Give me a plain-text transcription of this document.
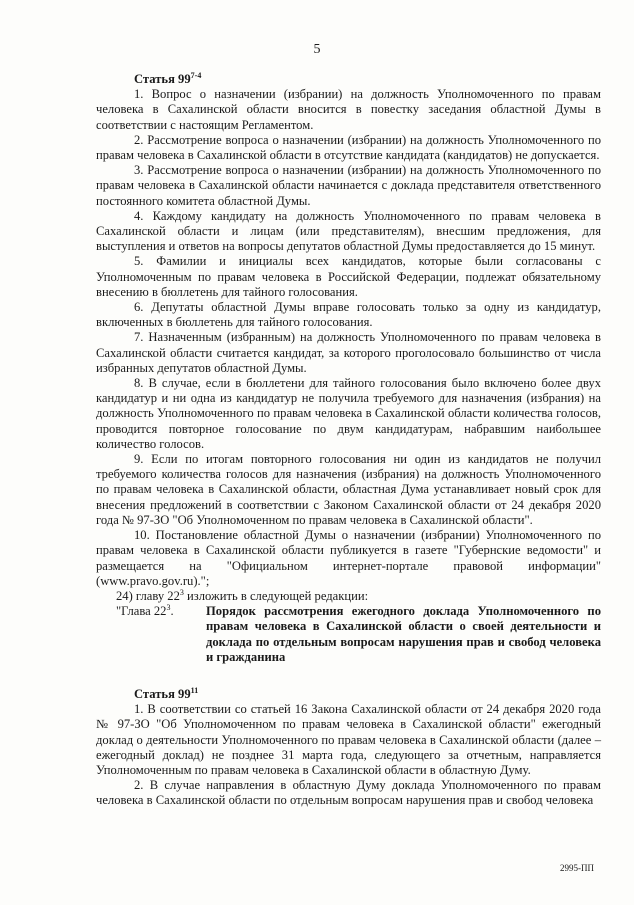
5
Статья 99$^{7-4}$

1. Вопрос о назначении (избрании) на должность Уполномоченного по правам человека в Сахалинской области вносится в повестку заседания областной Думы в соответствии с настоящим Регламентом.

2. Рассмотрение вопроса о назначении (избрании) на должность Уполномоченного по правам человека в Сахалинской области в отсутствие кандидата (кандидатов) не допускается.

3. Рассмотрение вопроса о назначении (избрании) на должность Уполномоченного по правам человека в Сахалинской области начинается с доклада представителя ответственного постоянного комитета областной Думы.

4. Каждому кандидату на должность Уполномоченного по правам человека в Сахалинской области и лицам (или представителям), внесшим предложения, для выступления и ответов на вопросы депутатов областной Думы предоставляется до 15 минут.

5. Фамилии и инициалы всех кандидатов, которые были согласованы с Уполномоченным по правам человека в Российской Федерации, подлежат обязательному внесению в бюллетень для тайного голосования.

6. Депутаты областной Думы вправе голосовать только за одну из кандидатур, включенных в бюллетень для тайного голосования.

7. Назначенным (избранным) на должность Уполномоченного по правам человека в Сахалинской области считается кандидат, за которого проголосовало большинство от числа избранных депутатов областной Думы.

8. В случае, если в бюллетени для тайного голосования было включено более двух кандидатур и ни одна из кандидатур не получила требуемого для назначения (избрания) на должность Уполномоченного по правам человека в Сахалинской области количества голосов, проводится повторное голосование по двум кандидатурам, набравшим наибольшее количество голосов.

9. Если по итогам повторного голосования ни один из кандидатов не получил требуемого количества голосов для назначения (избрания) на должность Уполномоченного по правам человека в Сахалинской области, областная Дума устанавливает новый срок для внесения предложений в соответствии с Законом Сахалинской области от 24 декабря 2020 года № 97-ЗО "Об Уполномоченном по правам человека в Сахалинской области".

10. Постановление областной Думы о назначении (избрании) Уполномоченного по правам человека в Сахалинской области публикуется в газете "Губернские ведомости" и размещается на "Официальном интернет-портале правовой информации" (www.pravo.gov.ru).";

24) главу $22^3$ изложить в следующей редакции:

"Глава $22^3$.	Порядок рассмотрения ежегодного доклада Уполномоченного по правам человека в Сахалинской области о своей деятельности и доклада по отдельным вопросам нарушения прав и свобод человека и гражданина
Статья $99^{11}$

1. В соответствии со статьей 16 Закона Сахалинской области от 24 декабря 2020 года № 97-ЗО "Об Уполномоченном по правам человека в Сахалинской области" ежегодный доклад о деятельности Уполномоченного по правам человека в Сахалинской области (далее – ежегодный доклад) не позднее 31 марта года, следующего за отчетным, направляется Уполномоченным по правам человека в Сахалинской области в областную Думу.

2. В случае направления в областную Думу доклада Уполномоченного по правам человека в Сахалинской области по отдельным вопросам нарушения прав и свобод человека

2995-ПП
